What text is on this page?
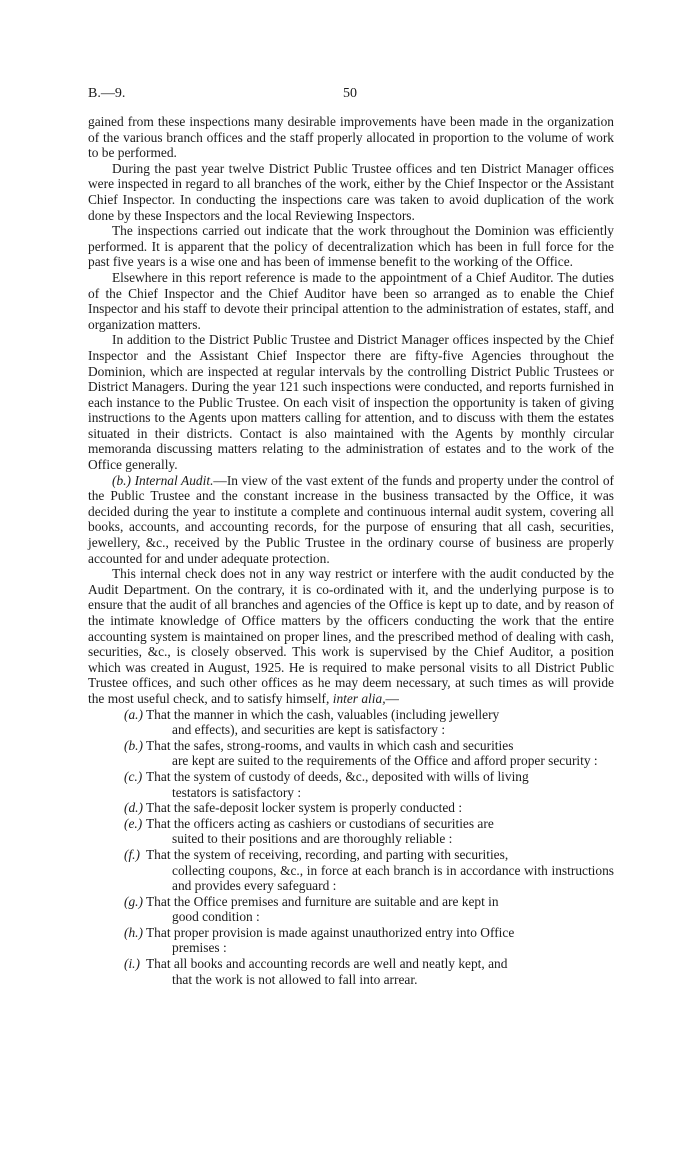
B.—9.	50

gained from these inspections many desirable improvements have been made in the organization of the various branch offices and the staff properly allocated in proportion to the volume of work to be performed.

During the past year twelve District Public Trustee offices and ten District Manager offices were inspected in regard to all branches of the work, either by the Chief Inspector or the Assistant Chief Inspector. In conducting the inspections care was taken to avoid duplication of the work done by these Inspectors and the local Reviewing Inspectors.

The inspections carried out indicate that the work throughout the Dominion was efficiently performed. It is apparent that the policy of decentralization which has been in full force for the past five years is a wise one and has been of immense benefit to the working of the Office.

Elsewhere in this report reference is made to the appointment of a Chief Auditor. The duties of the Chief Inspector and the Chief Auditor have been so arranged as to enable the Chief Inspector and his staff to devote their principal attention to the administration of estates, staff, and organization matters.

In addition to the District Public Trustee and District Manager offices inspected by the Chief Inspector and the Assistant Chief Inspector there are fifty-five Agencies throughout the Dominion, which are inspected at regular intervals by the controlling District Public Trustees or District Managers. During the year 121 such inspections were conducted, and reports furnished in each instance to the Public Trustee. On each visit of inspection the opportunity is taken of giving instructions to the Agents upon matters calling for attention, and to discuss with them the estates situated in their districts. Contact is also maintained with the Agents by monthly circular memoranda discussing matters relating to the administration of estates and to the work of the Office generally.

(b.) Internal Audit.—In view of the vast extent of the funds and property under the control of the Public Trustee and the constant increase in the business transacted by the Office, it was decided during the year to institute a complete and continuous internal audit system, covering all books, accounts, and accounting records, for the purpose of ensuring that all cash, securities, jewellery, &c., received by the Public Trustee in the ordinary course of business are properly accounted for and under adequate protection.

This internal check does not in any way restrict or interfere with the audit conducted by the Audit Department. On the contrary, it is co-ordinated with it, and the underlying purpose is to ensure that the audit of all branches and agencies of the Office is kept up to date, and by reason of the intimate knowledge of Office matters by the officers conducting the work that the entire accounting system is maintained on proper lines, and the prescribed method of dealing with cash, securities, &c., is closely observed. This work is supervised by the Chief Auditor, a position which was created in August, 1925. He is required to make personal visits to all District Public Trustee offices, and such other offices as he may deem necessary, at such times as will provide the most useful check, and to satisfy himself, inter alia,—

(a.) That the manner in which the cash, valuables (including jewellery
and effects), and securities are kept is satisfactory :
(b.) That the safes, strong-rooms, and vaults in which cash and securities
are kept are suited to the requirements of the Office and afford proper security :
(c.) That the system of custody of deeds, &c., deposited with wills of living
testators is satisfactory :
(d.) That the safe-deposit locker system is properly conducted :
(e.) That the officers acting as cashiers or custodians of securities are
suited to their positions and are thoroughly reliable :
(f.) That the system of receiving, recording, and parting with securities,
collecting coupons, &c., in force at each branch is in accordance with instructions and provides every safeguard :
(g.) That the Office premises and furniture are suitable and are kept in
good condition :
(h.) That proper provision is made against unauthorized entry into Office
premises :
(i.) That all books and accounting records are well and neatly kept, and
that the work is not allowed to fall into arrear.
